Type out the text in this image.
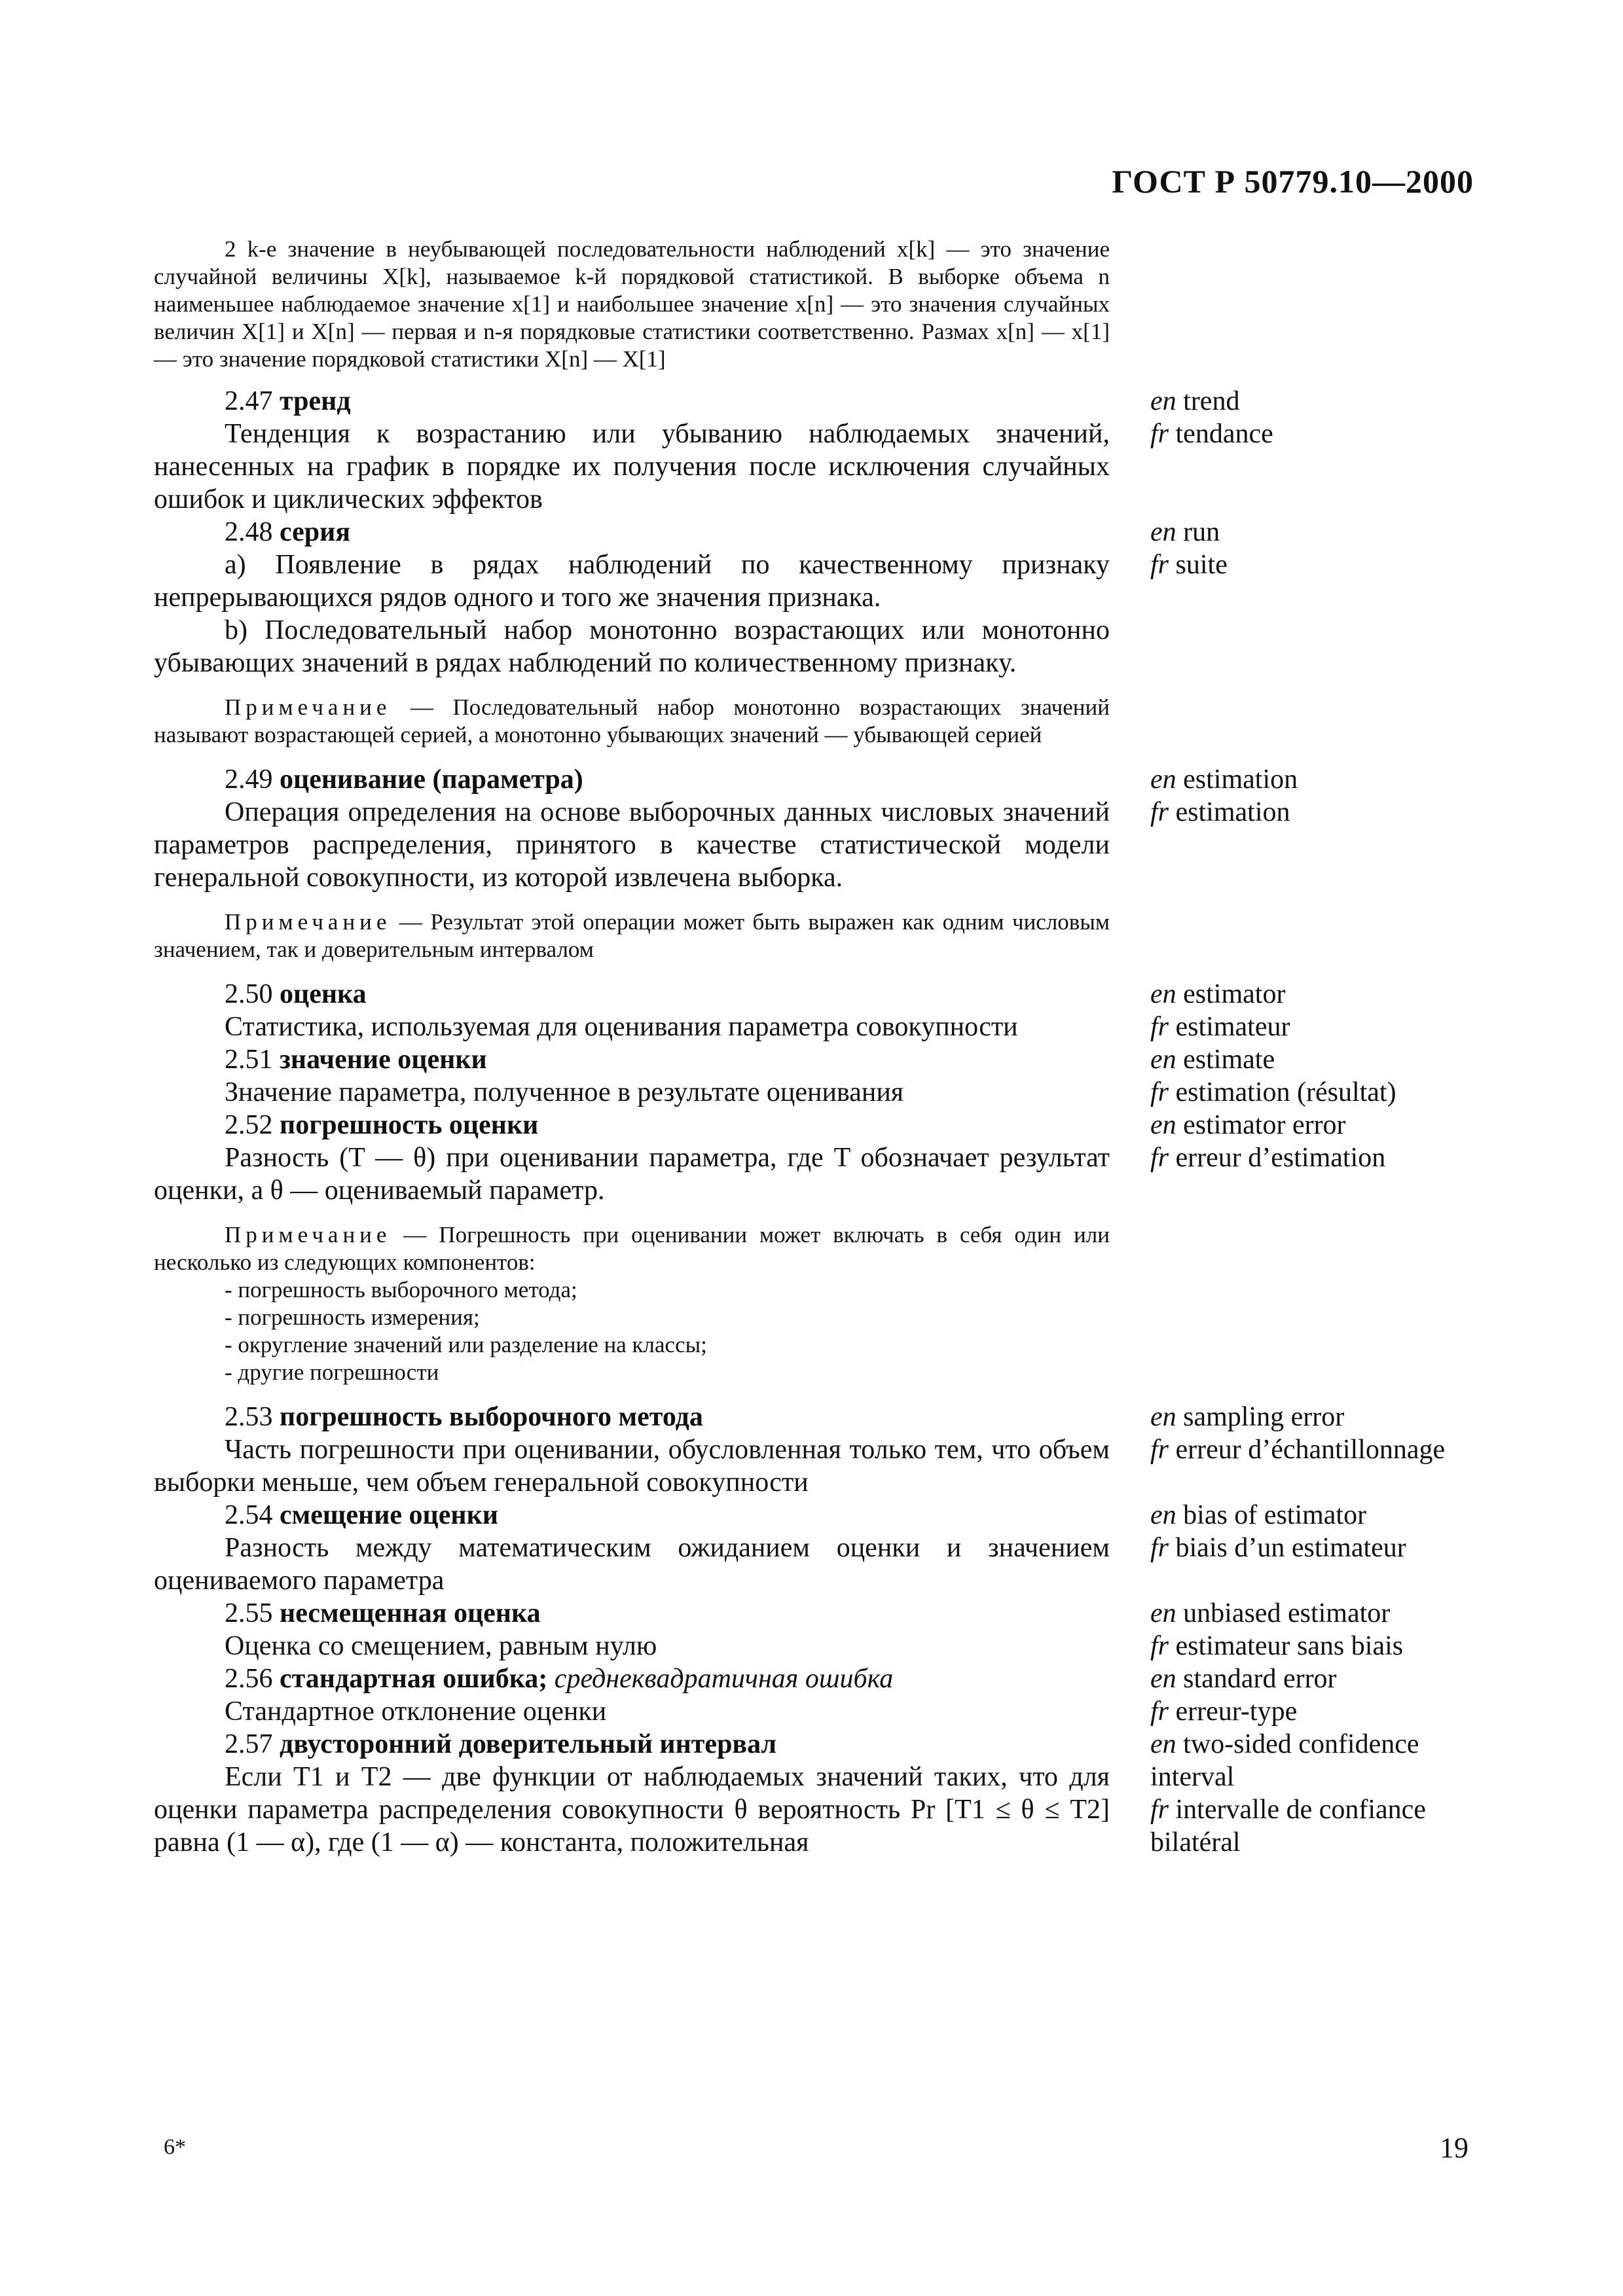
ГОСТ Р 50779.10—2000
2 k-е значение в неубывающей последовательности наблюдений x[k] — это значение случайной величины X[k], называемое k-й порядковой статистикой. В выборке объема n наименьшее наблюдаемое значение x[1] и наибольшее значение x[n] — это значения случайных величин X[1] и X[n] — первая и n-я порядковые статистики соответственно. Размах x[n] — x[1] — это значение порядковой статистики X[n] — X[1]
2.47 тренд
Тенденция к возрастанию или убыванию наблюдаемых значений, нанесенных на график в порядке их получения после исключения случайных ошибок и циклических эффектов
en trend
fr tendance
2.48 серия
а) Появление в рядах наблюдений по качественному признаку непрерывающихся рядов одного и того же значения признака.
b) Последовательный набор монотонно возрастающих или монотонно убывающих значений в рядах наблюдений по количественному признаку.
Примечание — Последовательный набор монотонно возрастающих значений называют возрастающей серией, а монотонно убывающих значений — убывающей серией
en run
fr suite
2.49 оценивание (параметра)
Операция определения на основе выборочных данных числовых значений параметров распределения, принятого в качестве статистической модели генеральной совокупности, из которой извлечена выборка.
Примечание — Результат этой операции может быть выражен как одним числовым значением, так и доверительным интервалом
en estimation
fr estimation
2.50 оценка
Статистика, используемая для оценивания параметра совокупности
en estimator
fr estimateur
2.51 значение оценки
Значение параметра, полученное в результате оценивания
en estimate
fr estimation (résultat)
2.52 погрешность оценки
Разность (T — θ) при оценивании параметра, где T обозначает результат оценки, а θ — оцениваемый параметр.
Примечание — Погрешность при оценивании может включать в себя один или несколько из следующих компонентов:
- погрешность выборочного метода;
- погрешность измерения;
- округление значений или разделение на классы;
- другие погрешности
en estimator error
fr erreur d’estimation
2.53 погрешность выборочного метода
Часть погрешности при оценивании, обусловленная только тем, что объем выборки меньше, чем объем генеральной совокупности
en sampling error
fr erreur d’échantillonnage
2.54 смещение оценки
Разность между математическим ожиданием оценки и значением оцениваемого параметра
en bias of estimator
fr biais d’un estimateur
2.55 несмещенная оценка
Оценка со смещением, равным нулю
en unbiased estimator
fr estimateur sans biais
2.56 стандартная ошибка; среднеквадратичная ошибка
Стандартное отклонение оценки
en standard error
fr erreur-type
2.57 двусторонний доверительный интервал
Если T1 и T2 — две функции от наблюдаемых значений таких, что для оценки параметра распределения совокупности θ вероятность Pr [T1 ≤ θ ≤ T2] равна (1 — α), где (1 — α) — константа, положительная
en two-sided confidence interval
fr intervalle de confiance bilatéral
6*	19
